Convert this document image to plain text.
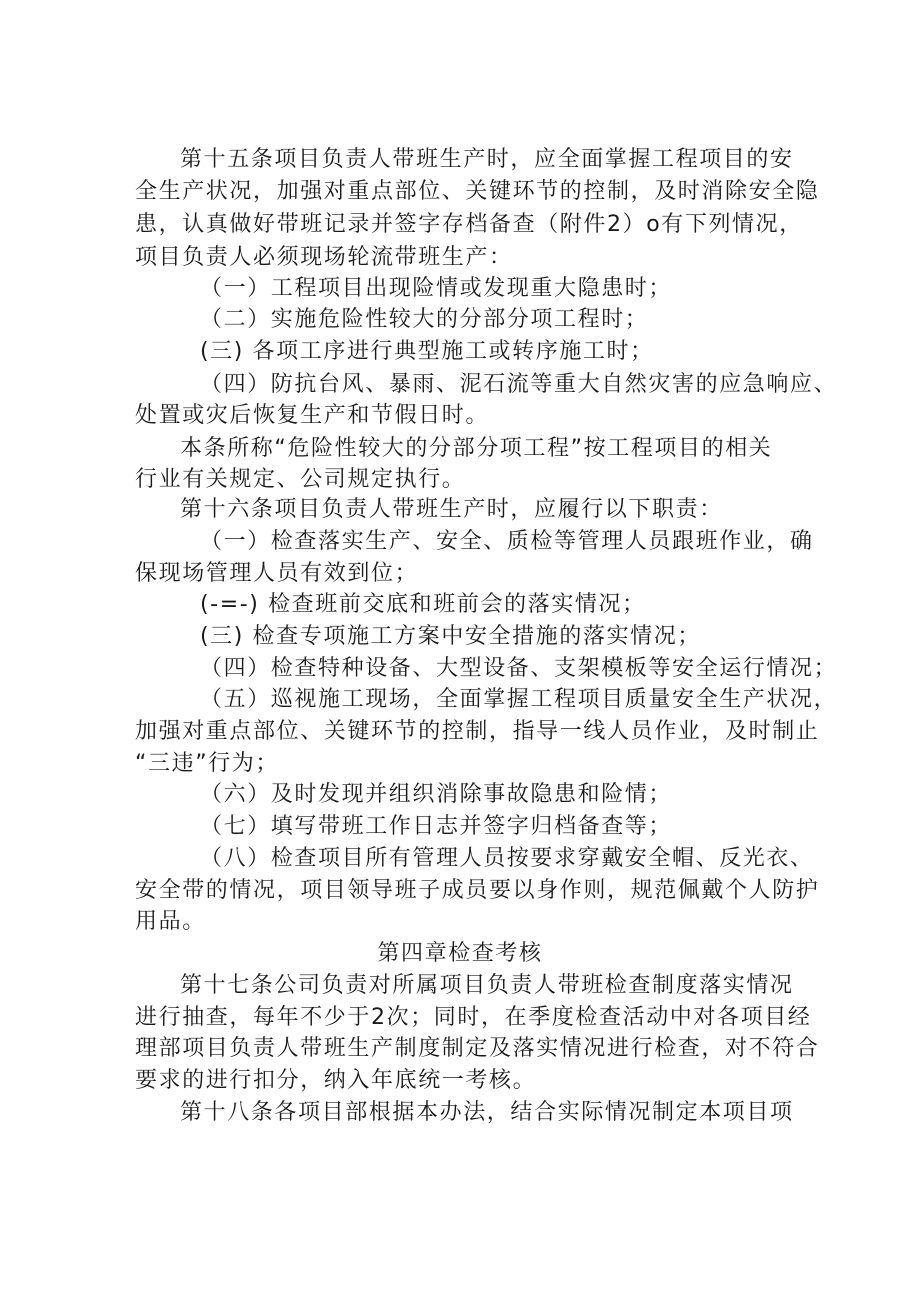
第十五条项目负责人带班生产时，应全面掌握工程项目的安
全生产状况，加强对重点部位、关键环节的控制，及时消除安全隐
患，认真做好带班记录并签字存档备查（附件2）o有下列情况，
项目负责人必须现场轮流带班生产：
（一）工程项目出现险情或发现重大隐患时；
（二）实施危险性较大的分部分项工程时；
(三) 各项工序进行典型施工或转序施工时；
（四）防抗台风、暴雨、泥石流等重大自然灾害的应急响应、
处置或灾后恢复生产和节假日时。
本条所称“危险性较大的分部分项工程”按工程项目的相关
行业有关规定、公司规定执行。
第十六条项目负责人带班生产时，应履行以下职责：
（一）检查落实生产、安全、质检等管理人员跟班作业，确
保现场管理人员有效到位；
(-=-) 检查班前交底和班前会的落实情况；
(三) 检查专项施工方案中安全措施的落实情况；
（四）检查特种设备、大型设备、支架模板等安全运行情况；
（五）巡视施工现场，全面掌握工程项目质量安全生产状况，
加强对重点部位、关键环节的控制，指导一线人员作业，及时制止
“三违”行为；
（六）及时发现并组织消除事故隐患和险情；
（七）填写带班工作日志并签字归档备查等；
（八）检查项目所有管理人员按要求穿戴安全帽、反光衣、
安全带的情况，项目领导班子成员要以身作则，规范佩戴个人防护
用品。
第四章检查考核
第十七条公司负责对所属项目负责人带班检查制度落实情况
进行抽查，每年不少于2次；同时，在季度检查活动中对各项目经
理部项目负责人带班生产制度制定及落实情况进行检查，对不符合
要求的进行扣分，纳入年底统一考核。
第十八条各项目部根据本办法，结合实际情况制定本项目项
